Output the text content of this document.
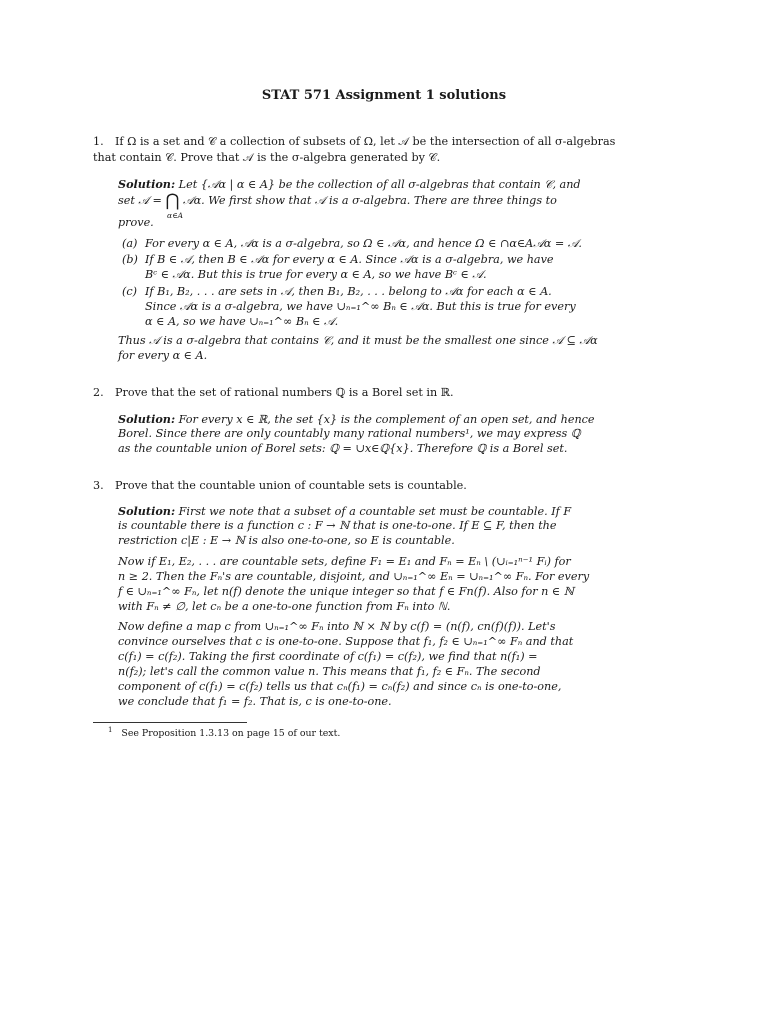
STAT 571 Assignment 1 solutions
1. If Ω is a set and 𝒞 a collection of subsets of Ω, let 𝒜 be the intersection of all σ-algebras
that contain 𝒞. Prove that 𝒜 is the σ-algebra generated by 𝒞.
Solution: Let {𝒜α | α ∈ A} be the collection of all σ-algebras that contain 𝒞, and
set 𝒜 = ⋂ 𝒜α. We first show that 𝒜 is a σ-algebra. There are three things to
α∈A
prove.
(a) For every α ∈ A, 𝒜α is a σ-algebra, so Ω ∈ 𝒜α, and hence Ω ∈ ∩α∈A𝒜α = 𝒜.
(b) If B ∈ 𝒜, then B ∈ 𝒜α for every α ∈ A. Since 𝒜α is a σ-algebra, we have
Bᶜ ∈ 𝒜α. But this is true for every α ∈ A, so we have Bᶜ ∈ 𝒜.
(c) If B₁, B₂, . . . are sets in 𝒜, then B₁, B₂, . . . belong to 𝒜α for each α ∈ A.
Since 𝒜α is a σ-algebra, we have ∪ₙ₌₁^∞ Bₙ ∈ 𝒜α. But this is true for every
α ∈ A, so we have ∪ₙ₌₁^∞ Bₙ ∈ 𝒜.
Thus 𝒜 is a σ-algebra that contains 𝒞, and it must be the smallest one since 𝒜 ⊆ 𝒜α
for every α ∈ A.
2. Prove that the set of rational numbers ℚ is a Borel set in ℝ.
Solution: For every x ∈ ℝ, the set {x} is the complement of an open set, and hence
Borel. Since there are only countably many rational numbers¹, we may express ℚ
as the countable union of Borel sets: ℚ = ∪x∈ℚ{x}. Therefore ℚ is a Borel set.
3. Prove that the countable union of countable sets is countable.
Solution: First we note that a subset of a countable set must be countable. If F
is countable there is a function c : F → ℕ that is one-to-one. If E ⊆ F, then the
restriction c|E : E → ℕ is also one-to-one, so E is countable.
Now if E₁, E₂, . . . are countable sets, define F₁ = E₁ and Fₙ = Eₙ \ (∪ᵢ₌₁ⁿ⁻¹ Fᵢ) for
n ≥ 2. Then the Fₙ's are countable, disjoint, and ∪ₙ₌₁^∞ Eₙ = ∪ₙ₌₁^∞ Fₙ. For every
f ∈ ∪ₙ₌₁^∞ Fₙ, let n(f) denote the unique integer so that f ∈ Fn(f). Also for n ∈ ℕ
with Fₙ ≠ ∅, let cₙ be a one-to-one function from Fₙ into ℕ.
Now define a map c from ∪ₙ₌₁^∞ Fₙ into ℕ × ℕ by c(f) = (n(f), cn(f)(f)). Let's
convince ourselves that c is one-to-one. Suppose that f₁, f₂ ∈ ∪ₙ₌₁^∞ Fₙ and that
c(f₁) = c(f₂). Taking the first coordinate of c(f₁) = c(f₂), we find that n(f₁) =
n(f₂); let's call the common value n. This means that f₁, f₂ ∈ Fₙ. The second
component of c(f₁) = c(f₂) tells us that cₙ(f₁) = cₙ(f₂) and since cₙ is one-to-one,
we conclude that f₁ = f₂. That is, c is one-to-one.
$^1$ See Proposition 1.3.13 on page 15 of our text.
